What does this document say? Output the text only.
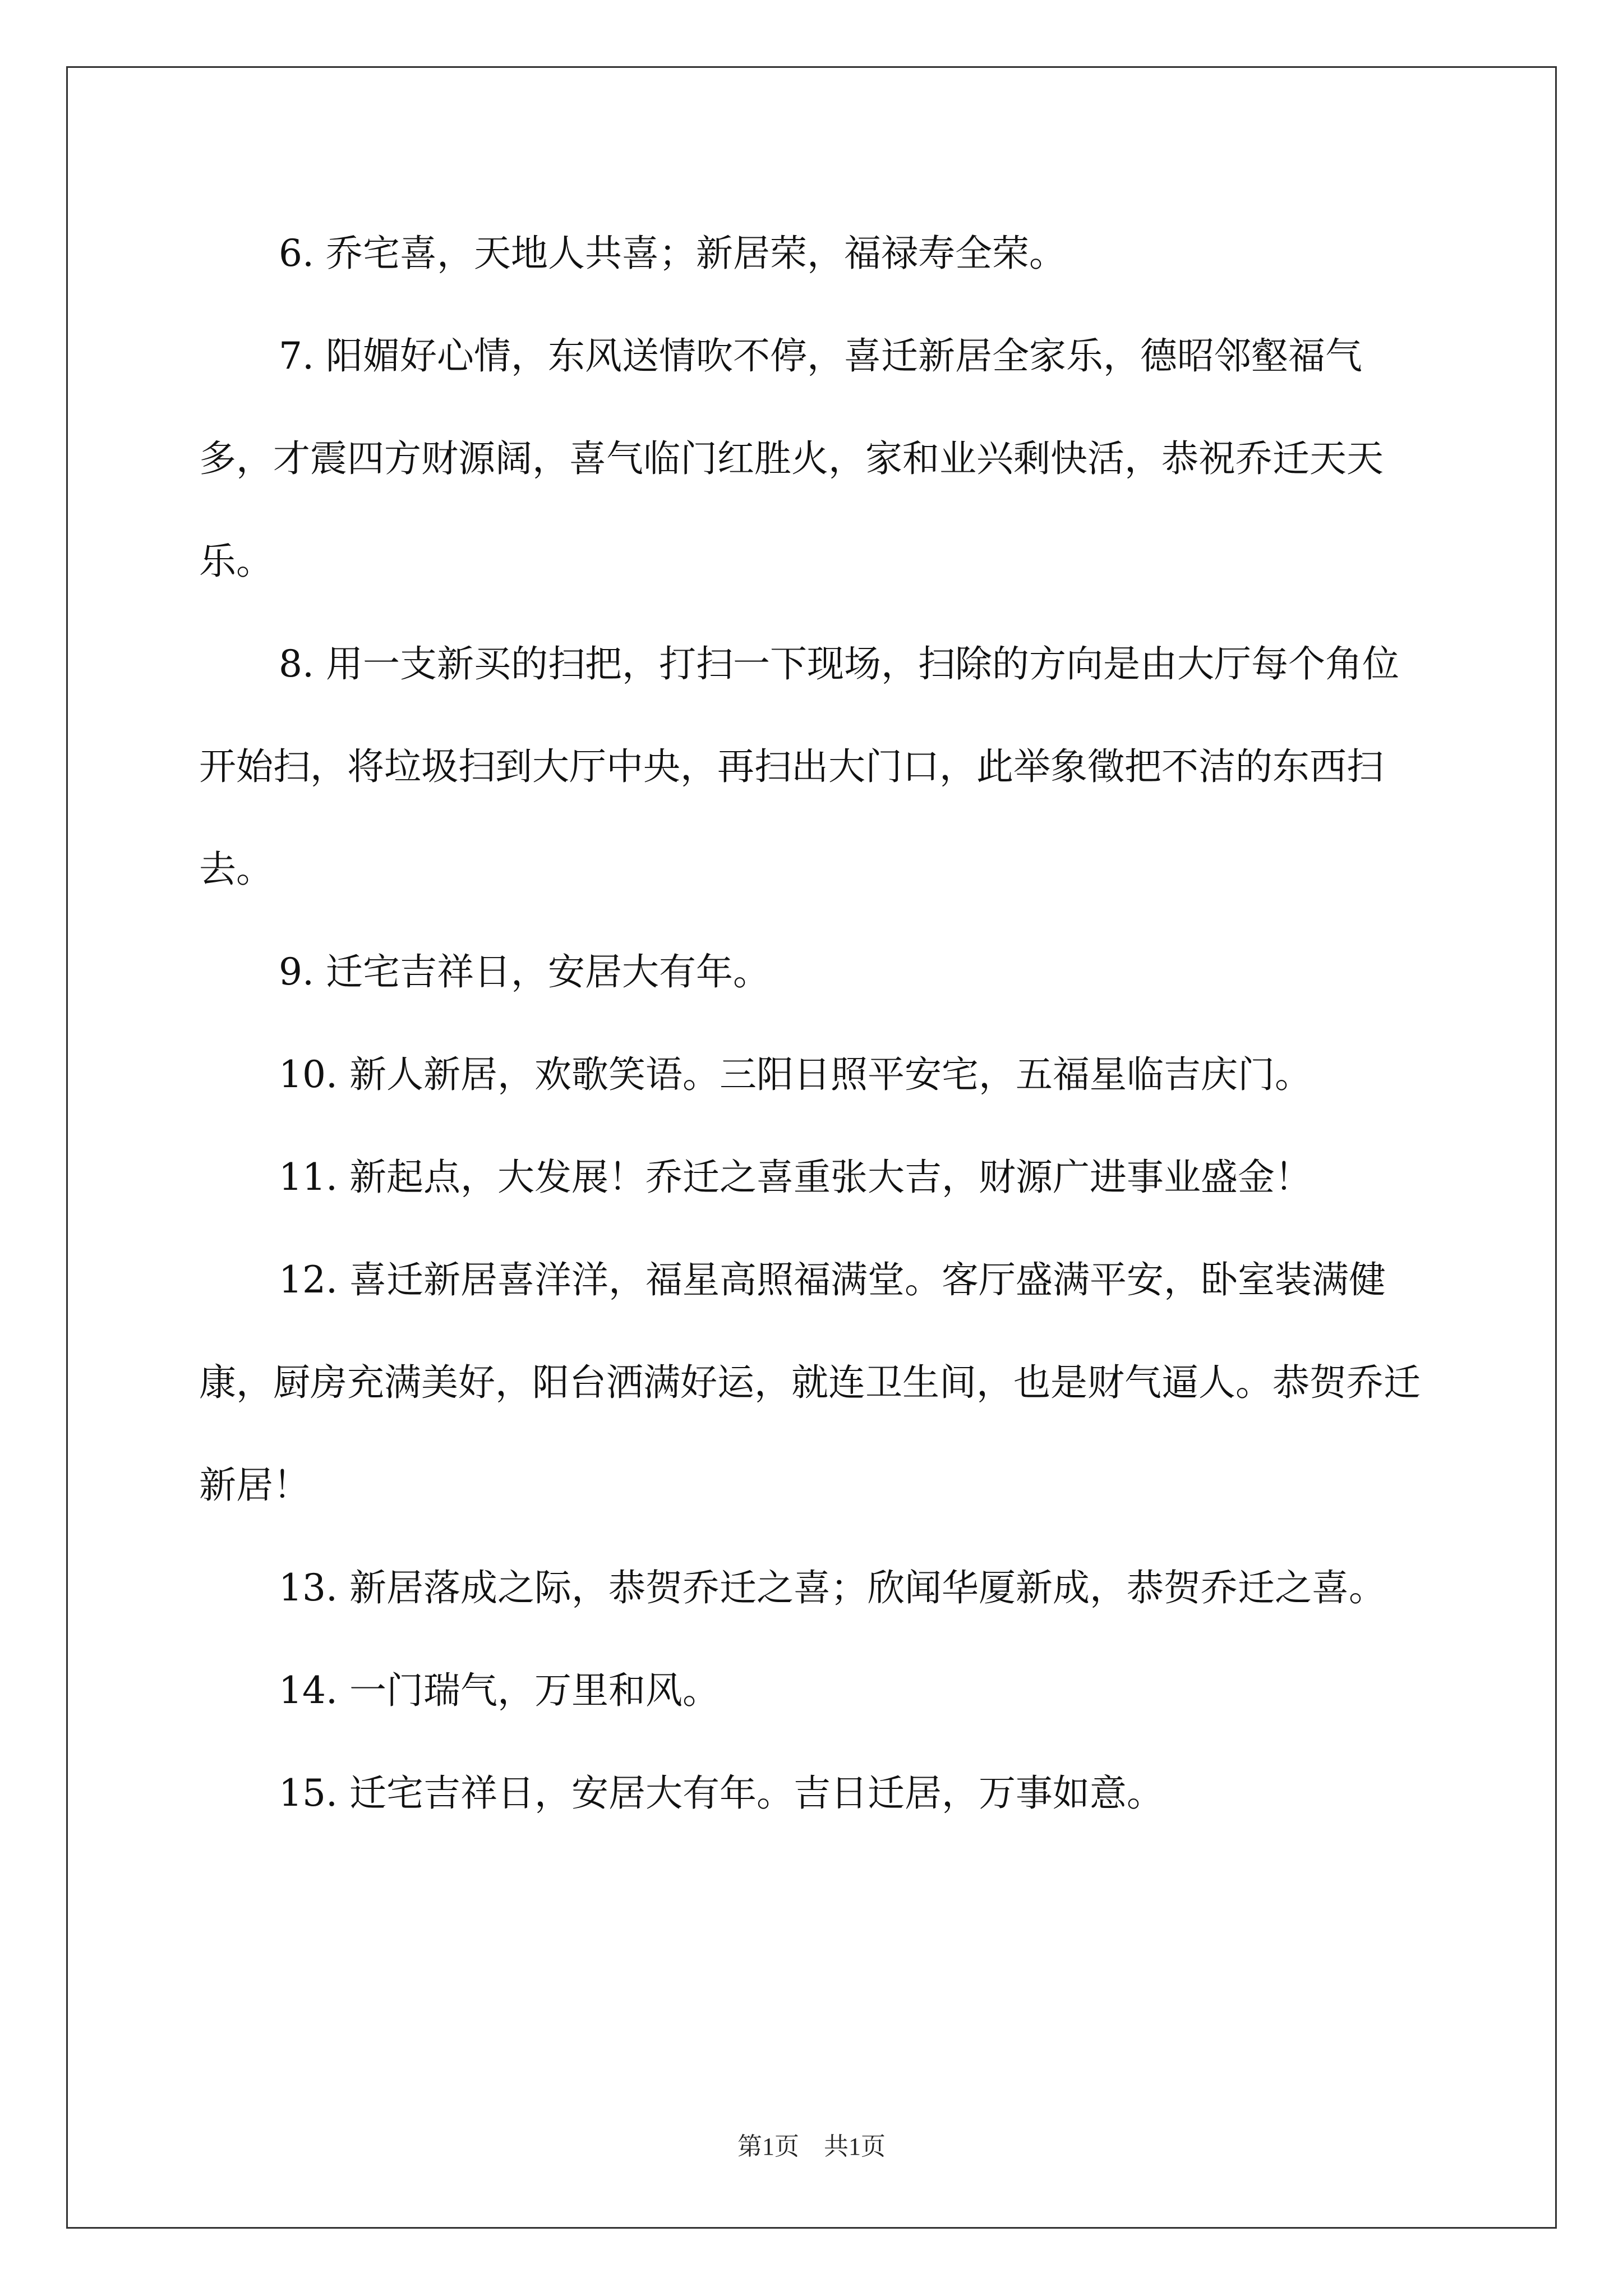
6. 乔宅喜，天地人共喜；新居荣，福禄寿全荣。

7. 阳媚好心情，东风送情吹不停，喜迁新居全家乐，德昭邻壑福气多，才震四方财源阔，喜气临门红胜火，家和业兴剩快活，恭祝乔迁天天乐。

8. 用一支新买的扫把，打扫一下现场，扫除的方向是由大厅每个角位开始扫，将垃圾扫到大厅中央，再扫出大门口，此举象徵把不洁的东西扫去。

9. 迁宅吉祥日，安居大有年。

10. 新人新居，欢歌笑语。三阳日照平安宅，五福星临吉庆门。

11. 新起点，大发展！乔迁之喜重张大吉，财源广进事业盛金！

12. 喜迁新居喜洋洋，福星高照福满堂。客厅盛满平安，卧室装满健康，厨房充满美好，阳台洒满好运，就连卫生间，也是财气逼人。恭贺乔迁新居！

13. 新居落成之际，恭贺乔迁之喜；欣闻华厦新成，恭贺乔迁之喜。

14. 一门瑞气，万里和风。

15. 迁宅吉祥日，安居大有年。吉日迁居，万事如意。

第1页　共1页
